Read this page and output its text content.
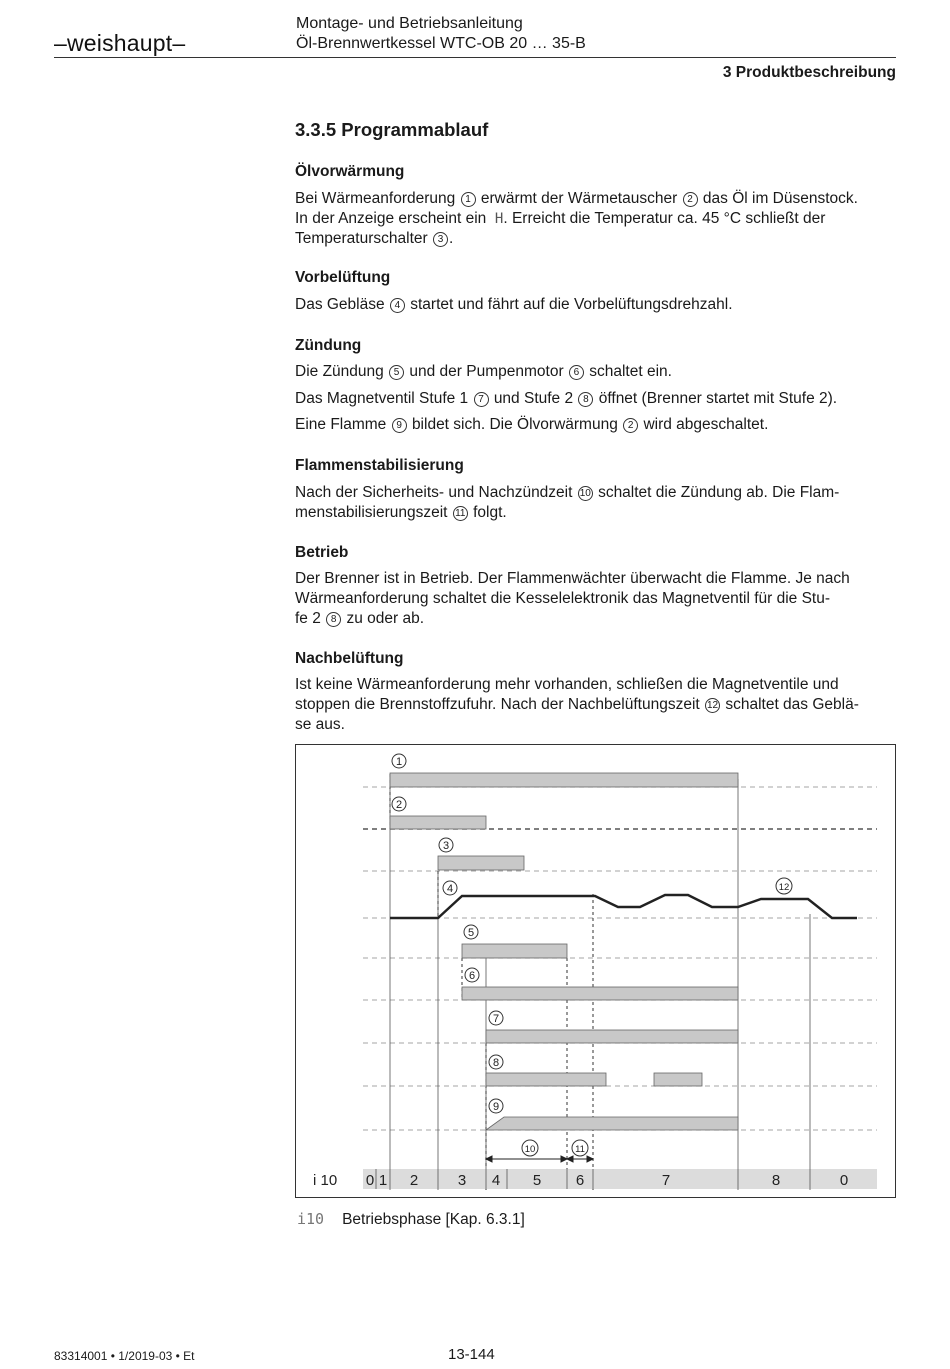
–weishaupt–
Montage- und Betriebsanleitung
Öl-Brennwertkessel WTC-OB 20 … 35-B
3 Produktbeschreibung
3.3.5 Programmablauf
Ölvorwärmung
Bei Wärmeanforderung 1 erwärmt der Wärmetauscher 2 das Öl im Düsenstock.
In der Anzeige erscheint ein H. Erreicht die Temperatur ca. 45 °C schließt der
Temperaturschalter 3 .
Vorbelüftung
Das Gebläse 4 startet und fährt auf die Vorbelüftungsdrehzahl.
Zündung
Die Zündung 5 und der Pumpenmotor 6 schaltet ein.
Das Magnetventil Stufe 1 7 und Stufe 2 8 öffnet (Brenner startet mit Stufe 2).
Eine Flamme 9 bildet sich. Die Ölvorwärmung 2 wird abgeschaltet.
Flammenstabilisierung
Nach der Sicherheits- und Nachzündzeit 10 schaltet die Zündung ab. Die Flam-
menstabilisierungszeit 11 folgt.
Betrieb
Der Brenner ist in Betrieb. Der Flammenwächter überwacht die Flamme. Je nach
Wärmeanforderung schaltet die Kesselelektronik das Magnetventil für die Stu-
fe 2 8 zu oder ab.
Nachbelüftung
Ist keine Wärmeanforderung mehr vorhanden, schließen die Magnetventile und
stoppen die Brennstoffzufuhr. Nach der Nachbelüftungszeit 12 schaltet das Geblä-
se aus.
1
2
3
4
5
6
7
8
9
10	11
12
i 10 0 1 2	3 4 5 6	7	8	0
i10 Betriebsphase [Kap. 6.3.1]
83314001 • 1/2019-03 • Et	13-144
